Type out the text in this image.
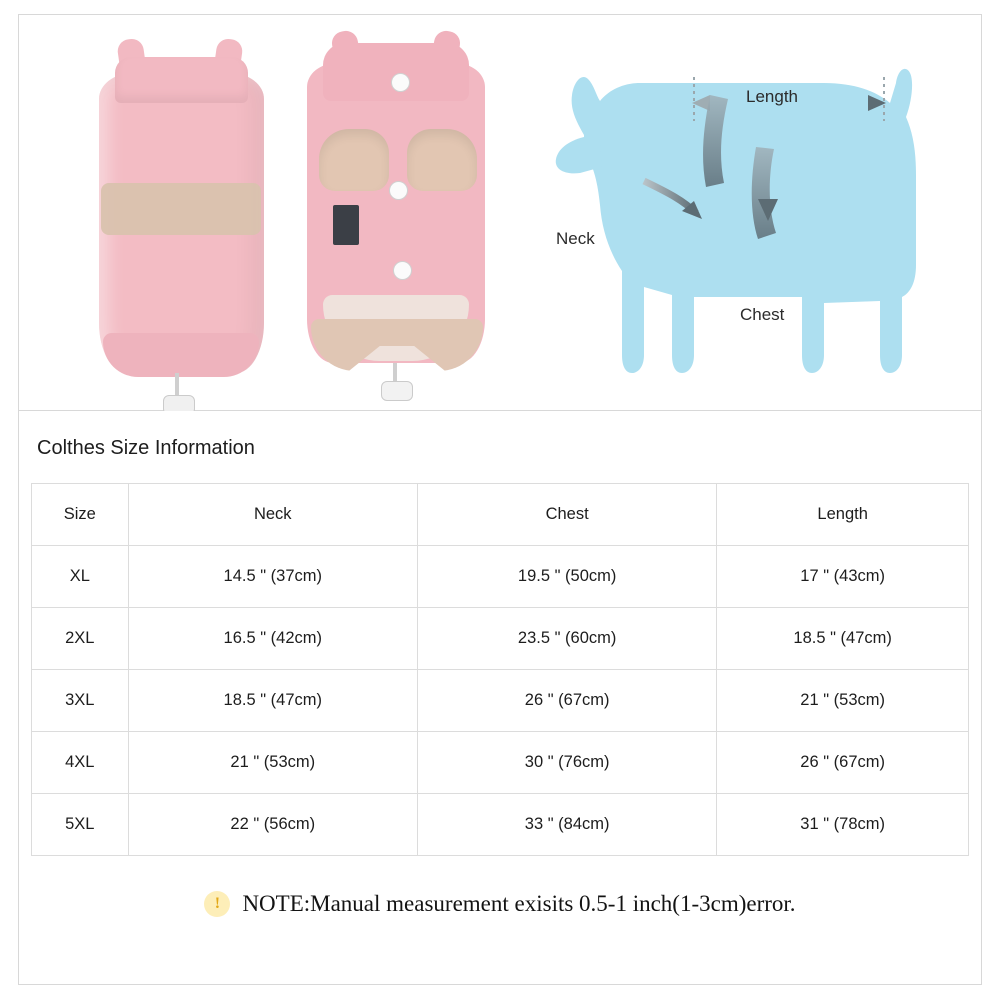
Length
Neck
Chest
Colthes Size Information
Size	Neck	Chest	Length
XL	14.5 " (37cm)	19.5 " (50cm)	17 " (43cm)
2XL	16.5 " (42cm)	23.5 " (60cm)	18.5 " (47cm)
3XL	18.5 " (47cm)	26 " (67cm)	21 " (53cm)
4XL	21 " (53cm)	30 " (76cm)	26 " (67cm)
5XL	22 " (56cm)	33 " (84cm)	31 " (78cm)
! NOTE:Manual measurement exisits 0.5-1 inch(1-3cm)error.
